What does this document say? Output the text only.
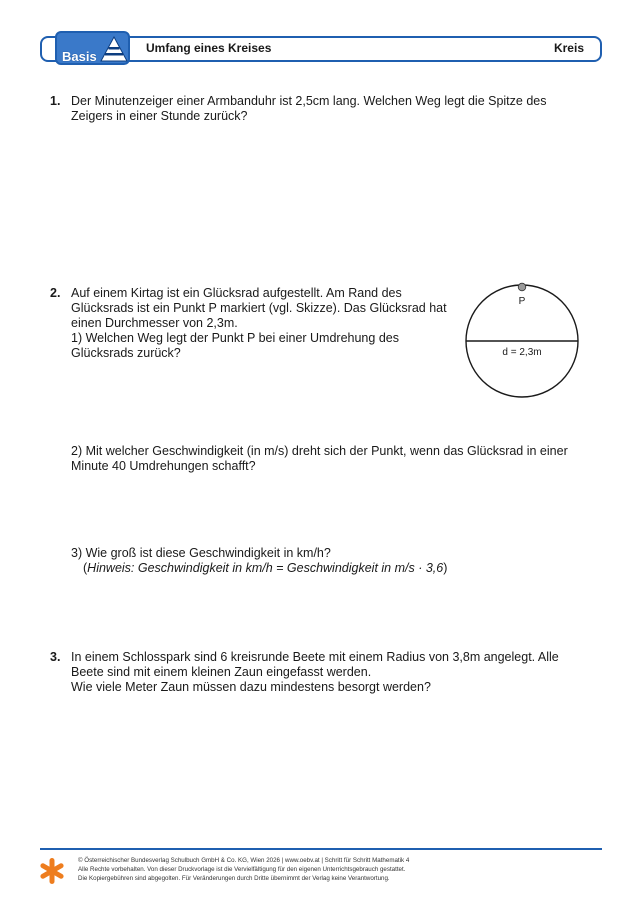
Basis
Umfang eines Kreises	Kreis
1. Der Minutenzeiger einer Armbanduhr ist 2,5cm lang. Welchen Weg legt die Spitze des
Zeigers in einer Stunde zurück?
2. Auf einem Kirtag ist ein Glücksrad aufgestellt. Am Rand des
Glücksrads ist ein Punkt P markiert (vgl. Skizze). Das Glücksrad hat
einen Durchmesser von 2,3m.
1) Welchen Weg legt der Punkt P bei einer Umdrehung des
Glücksrads zurück?
P
d = 2,3m
2) Mit welcher Geschwindigkeit (in m/s) dreht sich der Punkt, wenn das Glücksrad in einer
Minute 40 Umdrehungen schafft?
3) Wie groß ist diese Geschwindigkeit in km/h?
(Hinweis: Geschwindigkeit in km/h = Geschwindigkeit in m/s · 3,6)
3. In einem Schlosspark sind 6 kreisrunde Beete mit einem Radius von 3,8m angelegt. Alle
Beete sind mit einem kleinen Zaun eingefasst werden.
Wie viele Meter Zaun müssen dazu mindestens besorgt werden?
© Österreichischer Bundesverlag Schulbuch GmbH & Co. KG, Wien 2026 | www.oebv.at | Schritt für Schritt Mathematik 4
Alle Rechte vorbehalten. Von dieser Druckvorlage ist die Vervielfältigung für den eigenen Unterrichtsgebrauch gestattet.
Die Kopiergebühren sind abgegolten. Für Veränderungen durch Dritte übernimmt der Verlag keine Verantwortung.
